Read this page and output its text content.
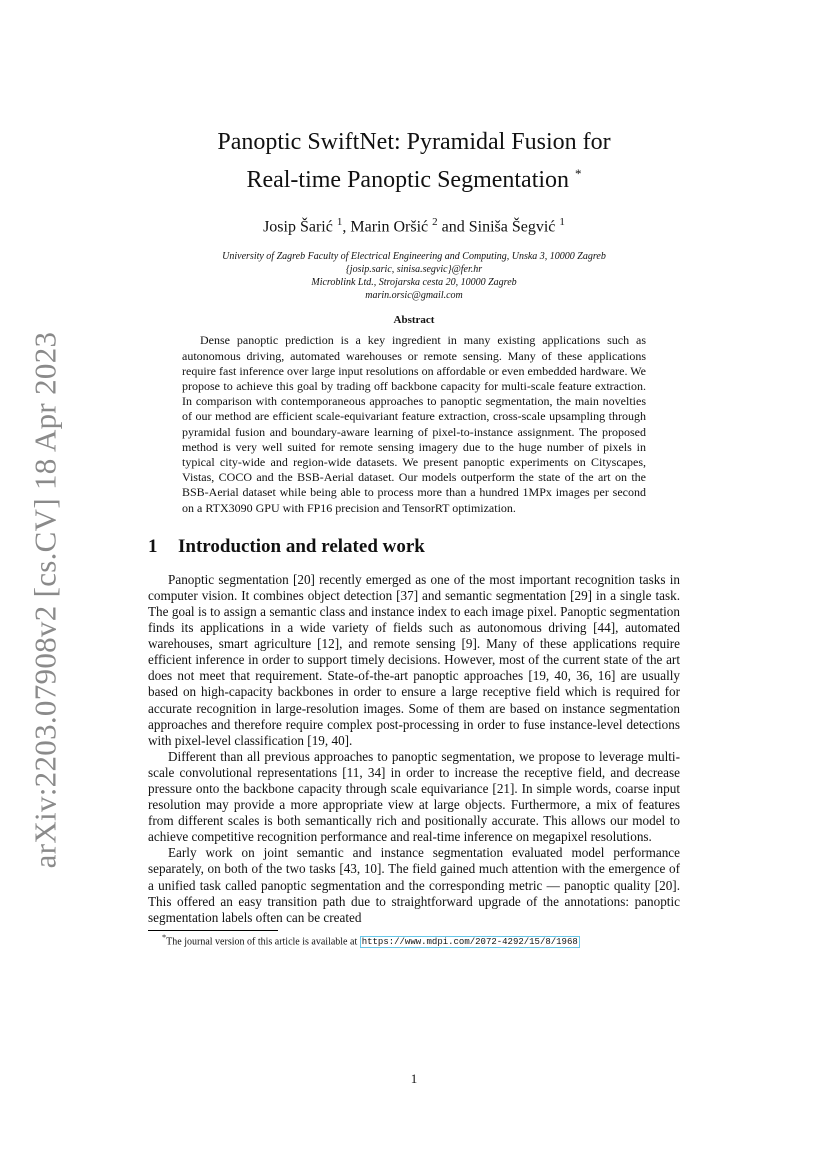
arXiv:2203.07908v2 [cs.CV] 18 Apr 2023
Panoptic SwiftNet: Pyramidal Fusion for
Real-time Panoptic Segmentation *
Josip Šarić $^1$, Marin Oršić $^2$ and Siniša Šegvić $^1$
University of Zagreb Faculty of Electrical Engineering and Computing, Unska 3, 10000 Zagreb
{josip.saric, sinisa.segvic}@fer.hr
Microblink Ltd., Strojarska cesta 20, 10000 Zagreb
marin.orsic@gmail.com
Abstract

Dense panoptic prediction is a key ingredient in many existing applications such as autonomous driving, automated warehouses or remote sensing. Many of these applications require fast inference over large input resolutions on affordable or even embedded hardware. We propose to achieve this goal by trading off backbone capacity for multi-scale feature extraction. In comparison with contemporaneous approaches to panoptic segmentation, the main novelties of our method are efficient scale-equivariant feature extraction, cross-scale upsampling through pyramidal fusion and boundary-aware learning of pixel-to-instance assignment. The proposed method is very well suited for remote sensing imagery due to the huge number of pixels in typical city-wide and region-wide datasets. We present panoptic experiments on Cityscapes, Vistas, COCO and the BSB-Aerial dataset. Our models outperform the state of the art on the BSB-Aerial dataset while being able to process more than a hundred 1MPx images per second on a RTX3090 GPU with FP16 precision and TensorRT optimization.

1 Introduction and related work

Panoptic segmentation [20] recently emerged as one of the most important recognition tasks in computer vision. It combines object detection [37] and semantic segmentation [29] in a single task. The goal is to assign a semantic class and instance index to each image pixel. Panoptic segmentation finds its applications in a wide variety of fields such as autonomous driving [44], automated warehouses, smart agriculture [12], and remote sensing [9]. Many of these applications require efficient inference in order to support timely decisions. However, most of the current state of the art does not meet that requirement. State-of-the-art panoptic approaches [19, 40, 36, 16] are usually based on high-capacity backbones in order to ensure a large receptive field which is required for accurate recognition in large-resolution images. Some of them are based on instance segmentation approaches and therefore require complex post-processing in order to fuse instance-level detections with pixel-level classification [19, 40].

Different than all previous approaches to panoptic segmentation, we propose to leverage multi-scale convolutional representations [11, 34] in order to increase the receptive field, and decrease pressure onto the backbone capacity through scale equivariance [21]. In simple words, coarse input resolution may provide a more appropriate view at large objects. Furthermore, a mix of features from different scales is both semantically rich and positionally accurate. This allows our model to achieve competitive recognition performance and real-time inference on megapixel resolutions.

Early work on joint semantic and instance segmentation evaluated model performance separately, on both of the two tasks [43, 10]. The field gained much attention with the emergence of a unified task called panoptic segmentation and the corresponding metric — panoptic quality [20]. This offered an easy transition path due to straightforward upgrade of the annotations: panoptic segmentation labels often can be created

*The journal version of this article is available at https://www.mdpi.com/2072-4292/15/8/1968
1
